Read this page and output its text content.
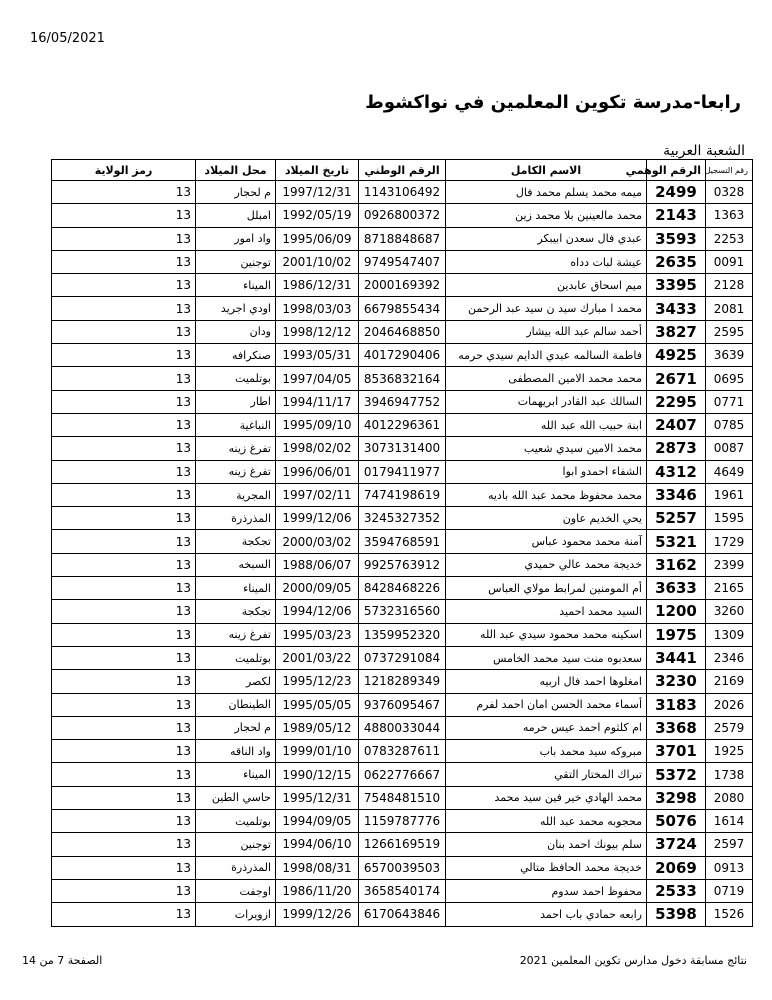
16/05/2021
رابعا-مدرسة تكوين المعلمين في نواكشوط
الشعبة العربية
رقم التسجيل	الرقم الوهمي	الاسم الكامل	الرقم الوطني	تاريخ الميلاد	محل الميلاد	رمز الولاية
0328	2499	ميمه محمد يسلم محمد فال	1143106492	1997/12/31	م لحجار	13
1363	2143	محمد مالعينين بلا محمد زين	0926800372	1992/05/19	امبلل	13
2253	3593	عبدي فال سعدن ابيبكر	8718848687	1995/06/09	واد امور	13
0091	2635	عيشة لبات دداه	9749547407	2001/10/02	توجنين	13
2128	3395	ميم اسحاق عابدين	2000169392	1986/12/31	الميناء	13
2081	3433	محمد ا مبارك سيد ن سيد عبد الرحمن	6679855434	1998/03/03	اودي اجريد	13
2595	3827	أحمد سالم عبد الله بيشار	2046468850	1998/12/12	ودان	13
3639	4925	فاطمة السالمه عبدي الدايم سيدي حرمه	4017290406	1993/05/31	صنكرافه	13
0695	2671	محمد محمد الامين المصطفى	8536832164	1997/04/05	بوتلميت	13
0771	2295	السالك عبد القادر ابريهمات	3946947752	1994/11/17	اطار	13
0785	2407	ابنة حبيب الله عبد الله	4012296361	1995/09/10	النباغية	13
0087	2873	محمد الامين سيدي شعيب	3073131400	1998/02/02	تفرغ زينه	13
4649	4312	الشفاء احمدو ابوا	0179411977	1996/06/01	تفرغ زينه	13
1961	3346	محمد محفوظ محمد عبد الله باديه	7474198619	1997/02/11	المجرية	13
1595	5257	يحي الخديم عاون	3245327352	1999/12/06	المذرذرة	13
1729	5321	آمنة محمد محمود عباس	3594768591	2000/03/02	تجكجة	13
2399	3162	خديجة محمد عالي حميدي	9925763912	1988/06/07	السبخه	13
2165	3633	أم المومنين لمرابط مولاي العباس	8428468226	2000/09/05	الميناء	13
3260	1200	السيد محمد احميد	5732316560	1994/12/06	تجكجة	13
1309	1975	اسكينه محمد محمود سيدي عبد الله	1359952320	1995/03/23	تفرغ زينه	13
2346	3441	سعدبوه منت سيد محمد الخامس	0737291084	2001/03/22	بوتلميت	13
2169	3230	امغلوها احمد فال اربيه	1218289349	1995/12/23	لكصر	13
2026	3183	أسماء محمد الحسن امان احمد لفرم	9376095467	1995/05/05	الطينطان	13
2579	3368	ام كلثوم احمد عيس حرمه	4880033044	1989/05/12	م لحجار	13
1925	3701	مبروكه سيد محمد باب	0783287611	1999/01/10	واد الناقه	13
1738	5372	تبراك المختار التقي	0622776667	1990/12/15	الميناء	13
2080	3298	محمد الهادي خير فين سيد محمد	7548481510	1995/12/31	حاسي الطين	13
1614	5076	محجوبه محمد عبد الله	1159787776	1994/09/05	بوتلميت	13
2597	3724	سلم بيونك احمد بنان	1266169519	1994/06/10	توجنين	13
0913	2069	خديجة محمد الحافظ متالي	6570039503	1998/08/31	المذرذرة	13
0719	2533	محفوظ احمد سدوم	3658540174	1986/11/20	اوجفت	13
1526	5398	رابعه حمادي باب احمد	6170643846	1999/12/26	ازويرات	13
نتائج مسابقة دخول مدارس تكوين المعلمين 2021
الصفحة 7 من 14
